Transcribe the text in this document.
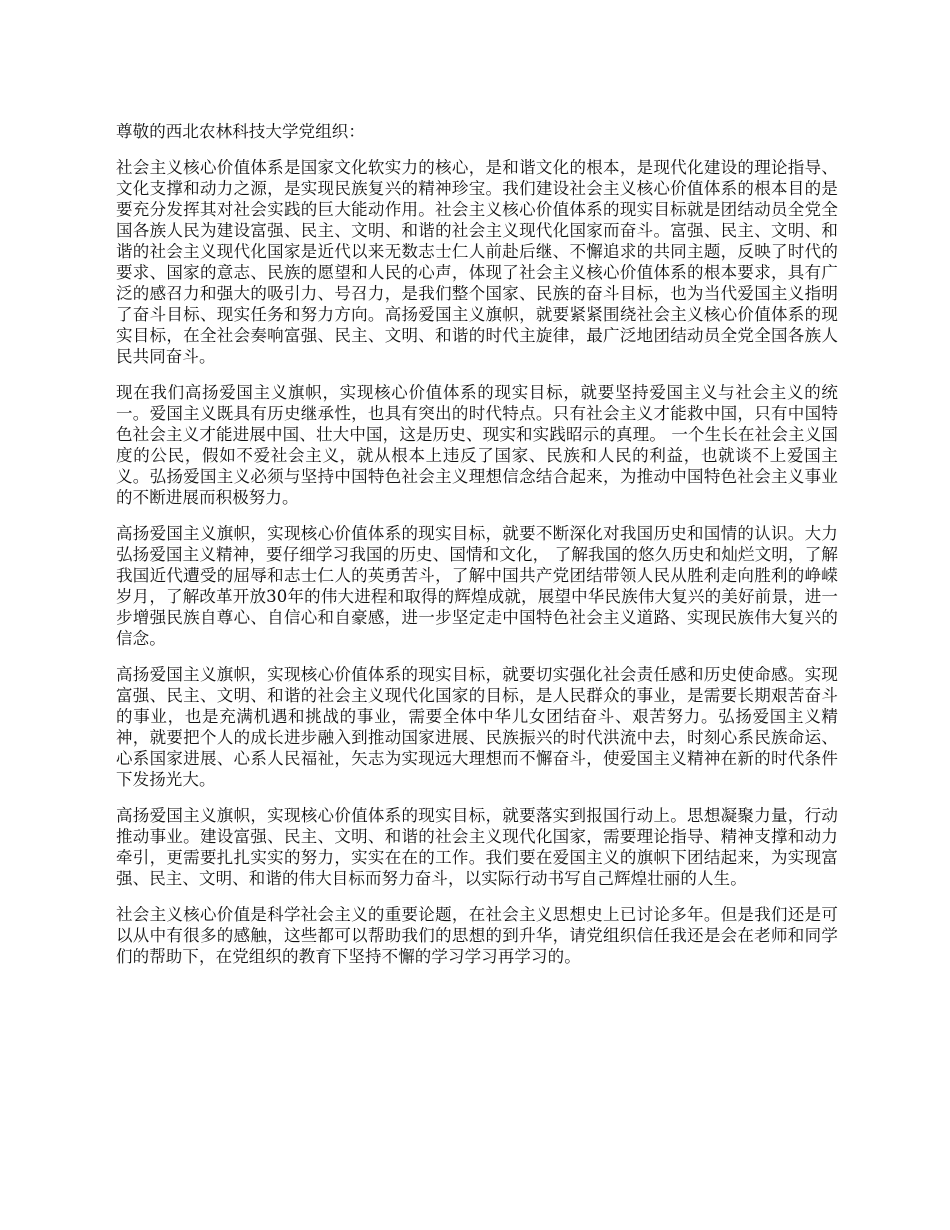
尊敬的西北农林科技大学党组织：

社会主义核心价值体系是国家文化软实力的核心，是和谐文化的根本，是现代化建设的理论指导、文化支撑和动力之源，是实现民族复兴的精神珍宝。我们建设社会主义核心价值体系的根本目的是要充分发挥其对社会实践的巨大能动作用。社会主义核心价值体系的现实目标就是团结动员全党全国各族人民为建设富强、民主、文明、和谐的社会主义现代化国家而奋斗。富强、民主、文明、和谐的社会主义现代化国家是近代以来无数志士仁人前赴后继、不懈追求的共同主题，反映了时代的要求、国家的意志、民族的愿望和人民的心声，体现了社会主义核心价值体系的根本要求，具有广泛的感召力和强大的吸引力、号召力，是我们整个国家、民族的奋斗目标，也为当代爱国主义指明了奋斗目标、现实任务和努力方向。高扬爱国主义旗帜，就要紧紧围绕社会主义核心价值体系的现实目标，在全社会奏响富强、民主、文明、和谐的时代主旋律，最广泛地团结动员全党全国各族人民共同奋斗。

现在我们高扬爱国主义旗帜，实现核心价值体系的现实目标，就要坚持爱国主义与社会主义的统一。爱国主义既具有历史继承性，也具有突出的时代特点。只有社会主义才能救中国，只有中国特色社会主义才能进展中国、壮大中国，这是历史、现实和实践昭示的真理。 一个生长在社会主义国度的公民，假如不爱社会主义，就从根本上违反了国家、民族和人民的利益，也就谈不上爱国主义。弘扬爱国主义必须与坚持中国特色社会主义理想信念结合起来，为推动中国特色社会主义事业的不断进展而积极努力。

高扬爱国主义旗帜，实现核心价值体系的现实目标，就要不断深化对我国历史和国情的认识。大力弘扬爱国主义精神，要仔细学习我国的历史、国情和文化， 了解我国的悠久历史和灿烂文明，了解我国近代遭受的屈辱和志士仁人的英勇苦斗，了解中国共产党团结带领人民从胜利走向胜利的峥嵘岁月，了解改革开放30年的伟大进程和取得的辉煌成就，展望中华民族伟大复兴的美好前景，进一步增强民族自尊心、自信心和自豪感，进一步坚定走中国特色社会主义道路、实现民族伟大复兴的信念。

高扬爱国主义旗帜，实现核心价值体系的现实目标，就要切实强化社会责任感和历史使命感。实现富强、民主、文明、和谐的社会主义现代化国家的目标，是人民群众的事业，是需要长期艰苦奋斗的事业，也是充满机遇和挑战的事业，需要全体中华儿女团结奋斗、艰苦努力。弘扬爱国主义精神，就要把个人的成长进步融入到推动国家进展、民族振兴的时代洪流中去，时刻心系民族命运、心系国家进展、心系人民福祉，矢志为实现远大理想而不懈奋斗，使爱国主义精神在新的时代条件下发扬光大。

高扬爱国主义旗帜，实现核心价值体系的现实目标，就要落实到报国行动上。思想凝聚力量，行动推动事业。建设富强、民主、文明、和谐的社会主义现代化国家，需要理论指导、精神支撑和动力牵引，更需要扎扎实实的努力，实实在在的工作。我们要在爱国主义的旗帜下团结起来，为实现富强、民主、文明、和谐的伟大目标而努力奋斗，以实际行动书写自己辉煌壮丽的人生。

社会主义核心价值是科学社会主义的重要论题，在社会主义思想史上已讨论多年。但是我们还是可以从中有很多的感触，这些都可以帮助我们的思想的到升华，请党组织信任我还是会在老师和同学们的帮助下，在党组织的教育下坚持不懈的学习学习再学习的。
